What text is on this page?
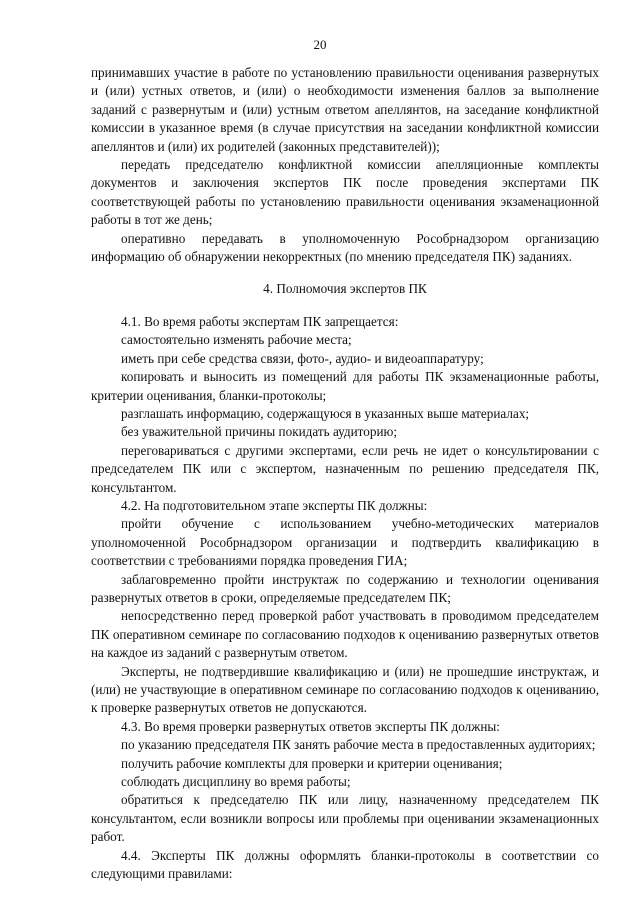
20

принимавших участие в работе по установлению правильности оценивания развернутых и (или) устных ответов, и (или) о необходимости изменения баллов за выполнение заданий с развернутым и (или) устным ответом апеллянтов, на заседание конфликтной комиссии в указанное время (в случае присутствия на заседании конфликтной комиссии апеллянтов и (или) их родителей (законных представителей));

передать председателю конфликтной комиссии апелляционные комплекты документов и заключения экспертов ПК после проведения экспертами ПК соответствующей работы по установлению правильности оценивания экзаменационной работы в тот же день;

оперативно передавать в уполномоченную Рособрнадзором организацию информацию об обнаружении некорректных (по мнению председателя ПК) заданиях.

4. Полномочия экспертов ПК

4.1. Во время работы экспертам ПК запрещается:

самостоятельно изменять рабочие места;

иметь при себе средства связи, фото-, аудио- и видеоаппаратуру;

копировать и выносить из помещений для работы ПК экзаменационные работы, критерии оценивания, бланки-протоколы;

разглашать информацию, содержащуюся в указанных выше материалах;

без уважительной причины покидать аудиторию;

переговариваться с другими экспертами, если речь не идет о консультировании с председателем ПК или с экспертом, назначенным по решению председателя ПК, консультантом.

4.2. На подготовительном этапе эксперты ПК должны:

пройти обучение с использованием учебно-методических материалов уполномоченной Рособрнадзором организации и подтвердить квалификацию в соответствии с требованиями порядка проведения ГИА;

заблаговременно пройти инструктаж по содержанию и технологии оценивания развернутых ответов в сроки, определяемые председателем ПК;

непосредственно перед проверкой работ участвовать в проводимом председателем ПК оперативном семинаре по согласованию подходов к оцениванию развернутых ответов на каждое из заданий с развернутым ответом.

Эксперты, не подтвердившие квалификацию и (или) не прошедшие инструктаж, и (или) не участвующие в оперативном семинаре по согласованию подходов к оцениванию, к проверке развернутых ответов не допускаются.

4.3. Во время проверки развернутых ответов эксперты ПК должны:

по указанию председателя ПК занять рабочие места в предоставленных аудиториях;

получить рабочие комплекты для проверки и критерии оценивания;

соблюдать дисциплину во время работы;

обратиться к председателю ПК или лицу, назначенному председателем ПК консультантом, если возникли вопросы или проблемы при оценивании экзаменационных работ.

4.4. Эксперты ПК должны оформлять бланки-протоколы в соответствии со следующими правилами:
